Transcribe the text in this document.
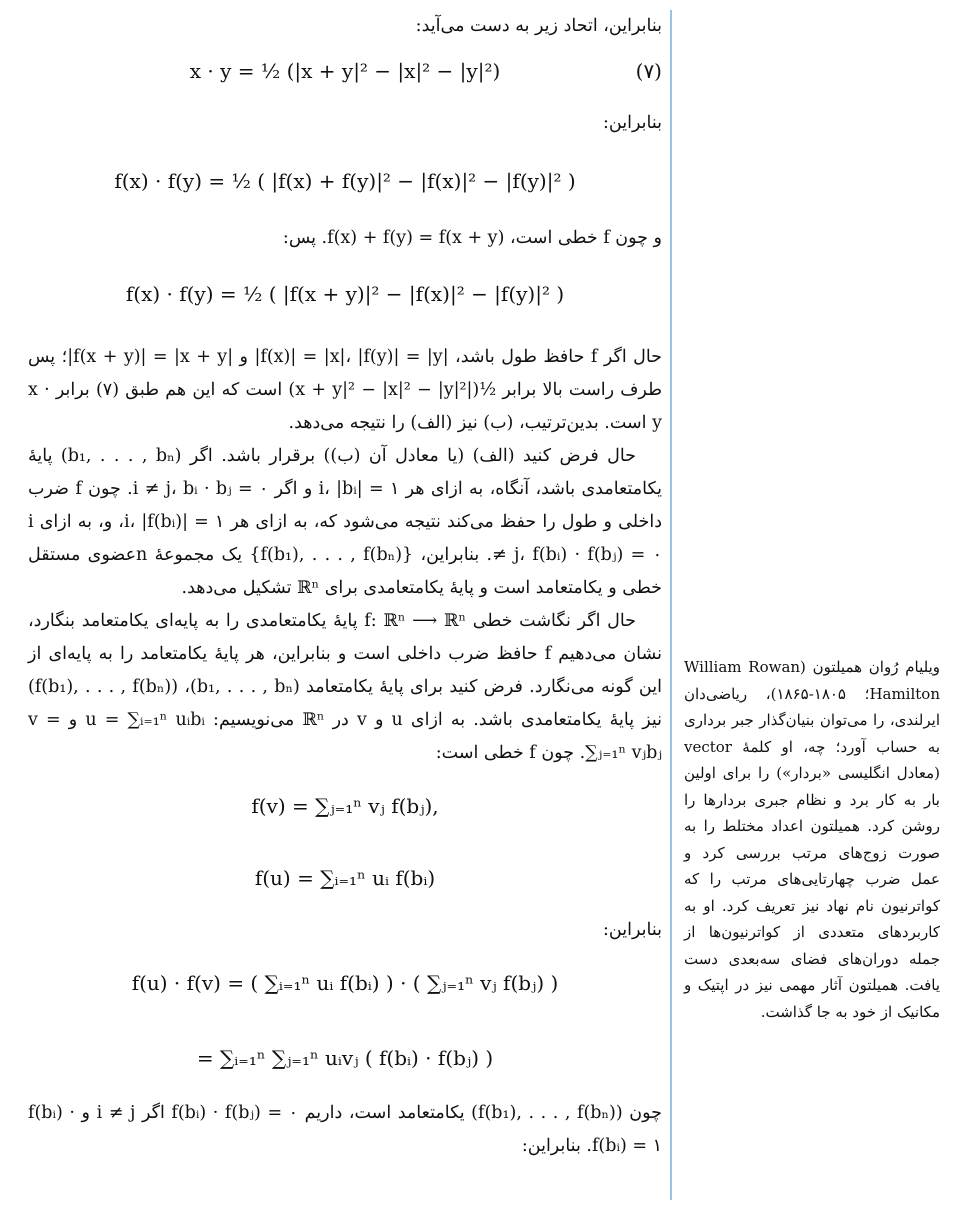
بنابراین، اتحاد زیر به دست می‌آید:

x · y = ½ (|x + y|² − |x|² − |y|²)	(۷)

بنابراین:

f(x) · f(y) = ½ ( |f(x) + f(y)|² − |f(x)|² − |f(y)|² )

و چون f خطی است، f(x) + f(y) = f(x + y). پس:

f(x) · f(y) = ½ ( |f(x + y)|² − |f(x)|² − |f(y)|² )

حال اگر f حافظ طول باشد، |f(x)| = |x|، |f(y)| = |y| و |f(x + y)| = |x + y|؛ پس طرف راست بالا برابر ½(|x + y|² − |x|² − |y|²) است که این هم طبق (۷) برابر x · y است. بدین‌ترتیب، (ب) نیز (الف) را نتیجه می‌دهد.

حال فرض کنید (الف) (یا معادل آن (ب)) برقرار باشد. اگر (b₁, . . . , bₙ) پایهٔ یکامتعامدی باشد، آنگاه، به ازای هر i، |bᵢ| = ۱ و اگر i ≠ j، bᵢ · bⱼ = ۰. چون f ضرب داخلی و طول را حفظ می‌کند نتیجه می‌شود که، به ازای هر i، |f(bᵢ)| = ۱، و، به ازای i ≠ j، f(bᵢ) · f(bⱼ) = ۰. بنابراین، {f(b₁), . . . , f(bₙ)} یک مجموعهٔ nعضوی مستقل خطی و یکامتعامد است و پایهٔ یکامتعامدی برای ℝⁿ تشکیل می‌دهد.

حال اگر نگاشت خطی f: ℝⁿ ⟶ ℝⁿ پایهٔ یکامتعامدی را به پایه‌ای یکامتعامد بنگارد، نشان می‌دهیم f حافظ ضرب داخلی است و بنابراین، هر پایهٔ یکامتعامد را به پایه‌ای از این گونه می‌نگارد. فرض کنید برای پایهٔ یکامتعامد (b₁, . . . , bₙ)، (f(b₁), . . . , f(bₙ)) نیز پایهٔ یکامتعامدی باشد. به ازای u و v در ℝⁿ می‌نویسیم: u = ∑ᵢ₌₁ⁿ uᵢbᵢ و v = ∑ⱼ₌₁ⁿ vⱼbⱼ. چون f خطی است:

f(v) = ∑ⱼ₌₁ⁿ vⱼ f(bⱼ),
f(u) = ∑ᵢ₌₁ⁿ uᵢ f(bᵢ)

بنابراین:

f(u) · f(v) = ( ∑ᵢ₌₁ⁿ uᵢ f(bᵢ) ) · ( ∑ⱼ₌₁ⁿ vⱼ f(bⱼ) )
= ∑ᵢ₌₁ⁿ ∑ⱼ₌₁ⁿ uᵢvⱼ ( f(bᵢ) · f(bⱼ) )

چون (f(b₁), . . . , f(bₙ)) یکامتعامد است، داریم f(bᵢ) · f(bⱼ) = ۰ اگر i ≠ j و f(bᵢ) · f(bᵢ) = ۱. بنابراین:

ویلیام رُوان همیلتون (William Rowan Hamilton؛ ۱۸۰۵-۱۸۶۵)، ریاضی‌دان ایرلندی، را می‌توان بنیان‌گذار جبر برداری به حساب آورد؛ چه، او کلمهٔ vector (معادل انگلیسی «بردار») را برای اولین بار به کار برد و نظام جبری بردارها را روشن کرد. همیلتون اعداد مختلط را به صورت زوج‌های مرتب بررسی کرد و عمل ضرب چهارتایی‌های مرتب را که کواترنیون نام نهاد نیز تعریف کرد. او به کاربردهای متعددی از کواترنیون‌ها از جمله دوران‌های فضای سه‌بعدی دست یافت. همیلتون آثار مهمی نیز در اپتیک و مکانیک از خود به جا گذاشت.
